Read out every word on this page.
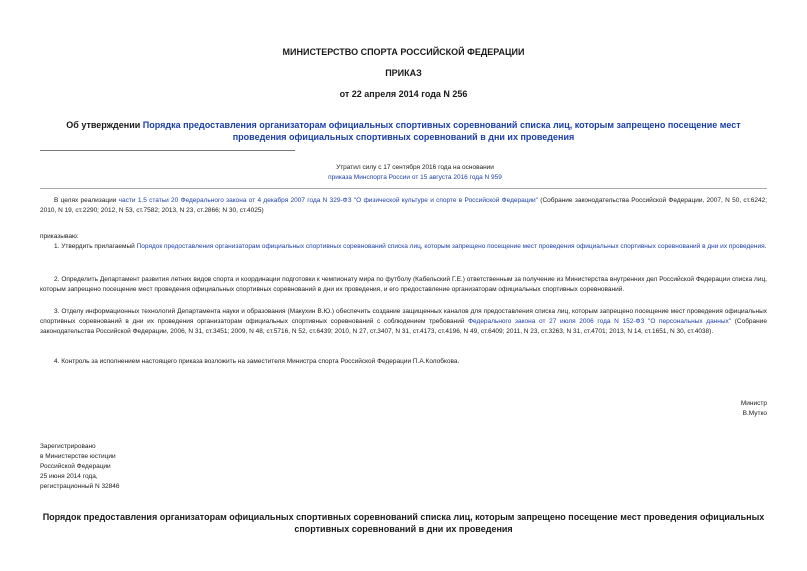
МИНИСТЕРСТВО СПОРТА РОССИЙСКОЙ ФЕДЕРАЦИИ
ПРИКАЗ
от 22 апреля 2014 года N 256
Об утверждении Порядка предоставления организаторам официальных спортивных соревнований списка лиц, которым запрещено посещение мест проведения официальных спортивных соревнований в дни их проведения
Утратил силу с 17 сентября 2016 года на основании
приказа Минспорта России от 15 августа 2016 года N 959
В целях реализации части 1.5 статьи 20 Федерального закона от 4 декабря 2007 года N 329-ФЗ "О физической культуре и спорте в Российской Федерации" (Собрание законодательства Российской Федерации, 2007, N 50, ст.6242; 2010, N 19, ст.2290; 2012, N 53, ст.7582; 2013, N 23, ст.2866; N 30, ст.4025)
приказываю:
1. Утвердить прилагаемый Порядок предоставления организаторам официальных спортивных соревнований списка лиц, которым запрещено посещение мест проведения официальных спортивных соревнований в дни их проведения.
2. Определить Департамент развития летних видов спорта и координации подготовки к чемпионату мира по футболу (Кабельский Г.Е.) ответственным за получение из Министерства внутренних дел Российской Федерации списка лиц, которым запрещено посещение мест проведения официальных спортивных соревнований в дни их проведения, и его предоставление организаторам официальных спортивных соревнований.
3. Отделу информационных технологий Департамента науки и образования (Макухин В.Ю.) обеспечить создание защищенных каналов для предоставления списка лиц, которым запрещено посещение мест проведения официальных спортивных соревнований в дни их проведения организаторам официальных спортивных соревнований с соблюдением требований Федерального закона от 27 июля 2006 года N 152-ФЗ "О персональных данных" (Собрание законодательства Российской Федерации, 2006, N 31, ст.3451; 2009, N 48, ст.5716, N 52, ст.6439; 2010, N 27, ст.3407, N 31, ст.4173, ст.4196, N 49, ст.6409; 2011, N 23, ст.3263, N 31, ст.4701; 2013, N 14, ст.1651, N 30, ст.4038).
4. Контроль за исполнением настоящего приказа возложить на заместителя Министра спорта Российской Федерации П.А.Колобкова.
Министр
В.Мутко
Зарегистрировано
в Министерстве юстиции
Российской Федерации
25 июня 2014 года,
регистрационный N 32846
Порядок предоставления организаторам официальных спортивных соревнований списка лиц, которым запрещено посещение мест проведения официальных спортивных соревнований в дни их проведения
